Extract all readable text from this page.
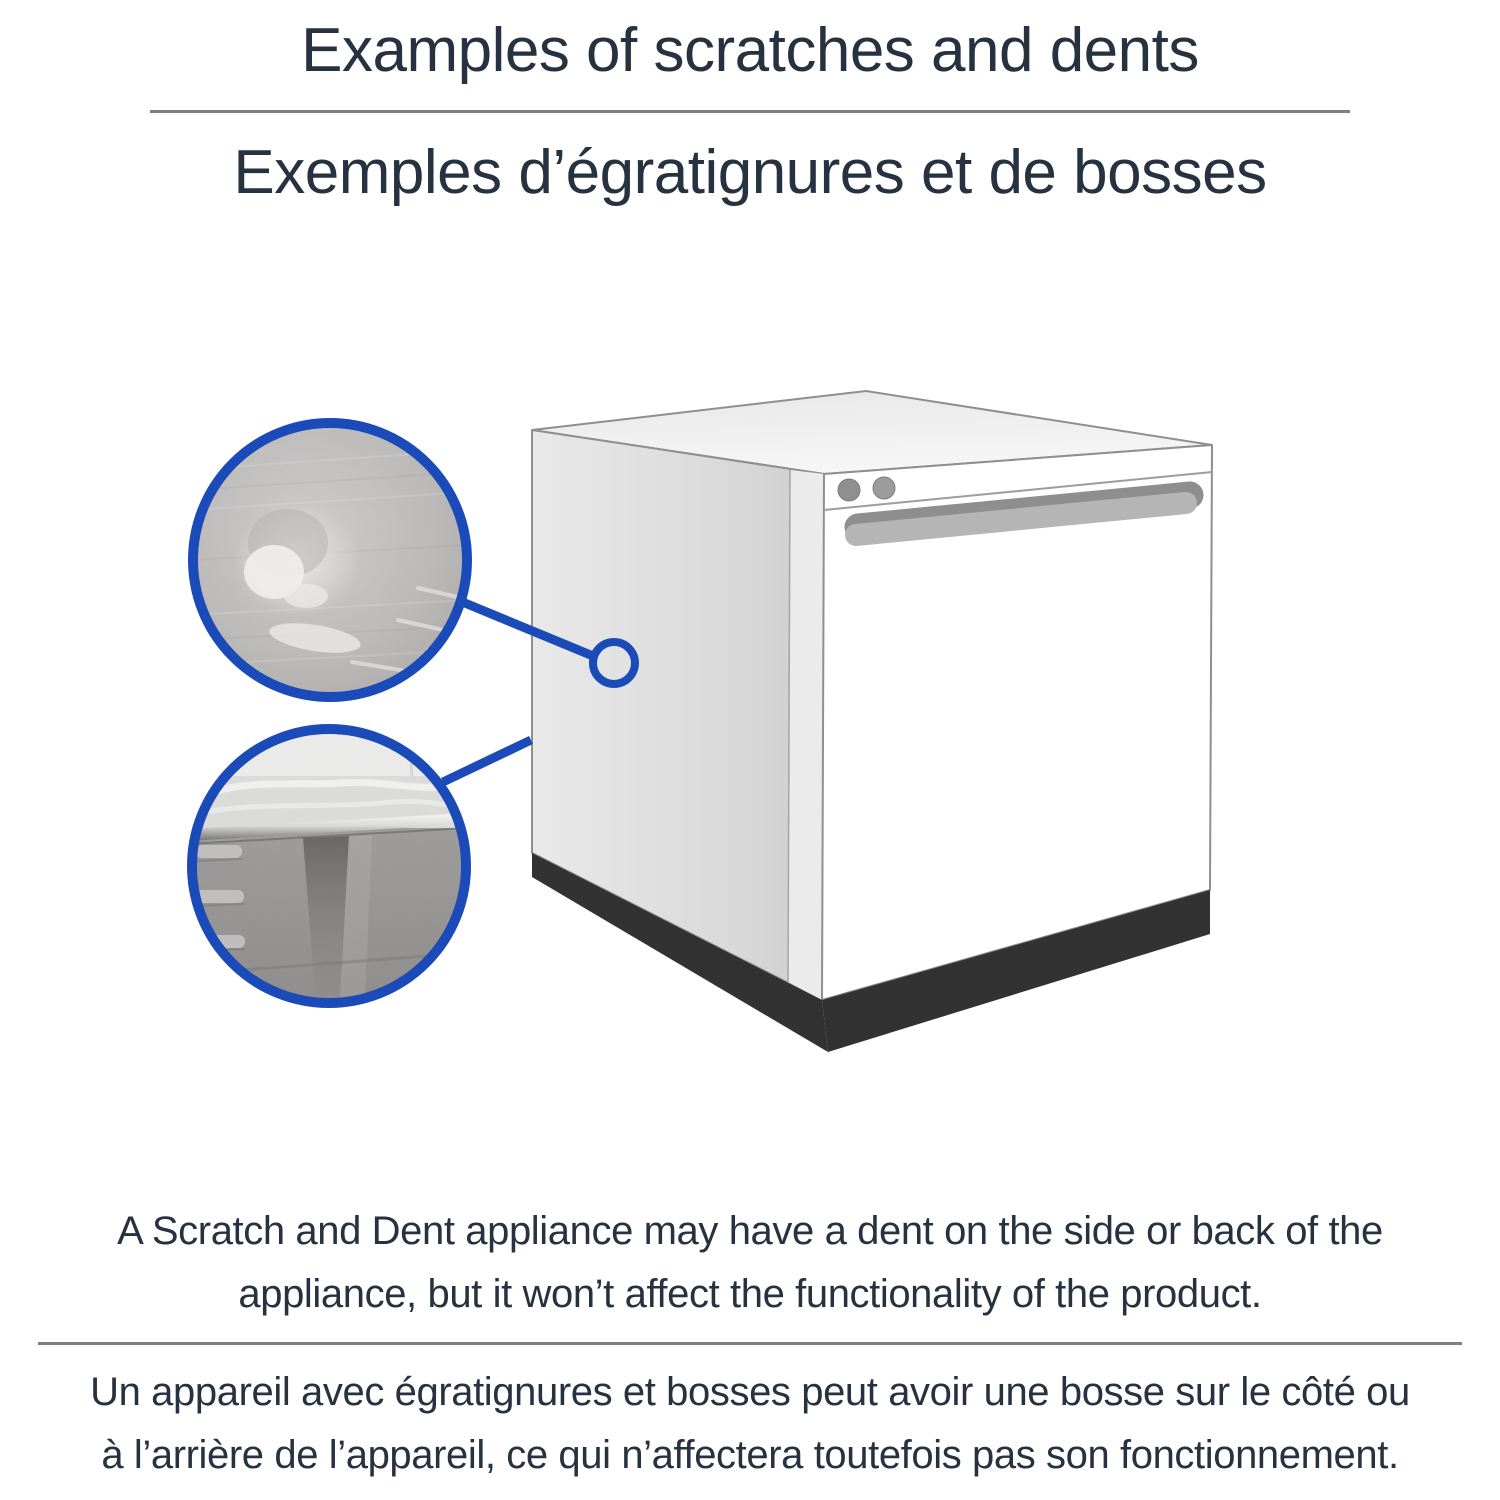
Examples of scratches and dents
Exemples d’égratignures et de bosses

A Scratch and Dent appliance may have a dent on the side or back of the
appliance, but it won’t affect the functionality of the product.

Un appareil avec égratignures et bosses peut avoir une bosse sur le côté ou
à l’arrière de l’appareil, ce qui n’affectera toutefois pas son fonctionnement.
